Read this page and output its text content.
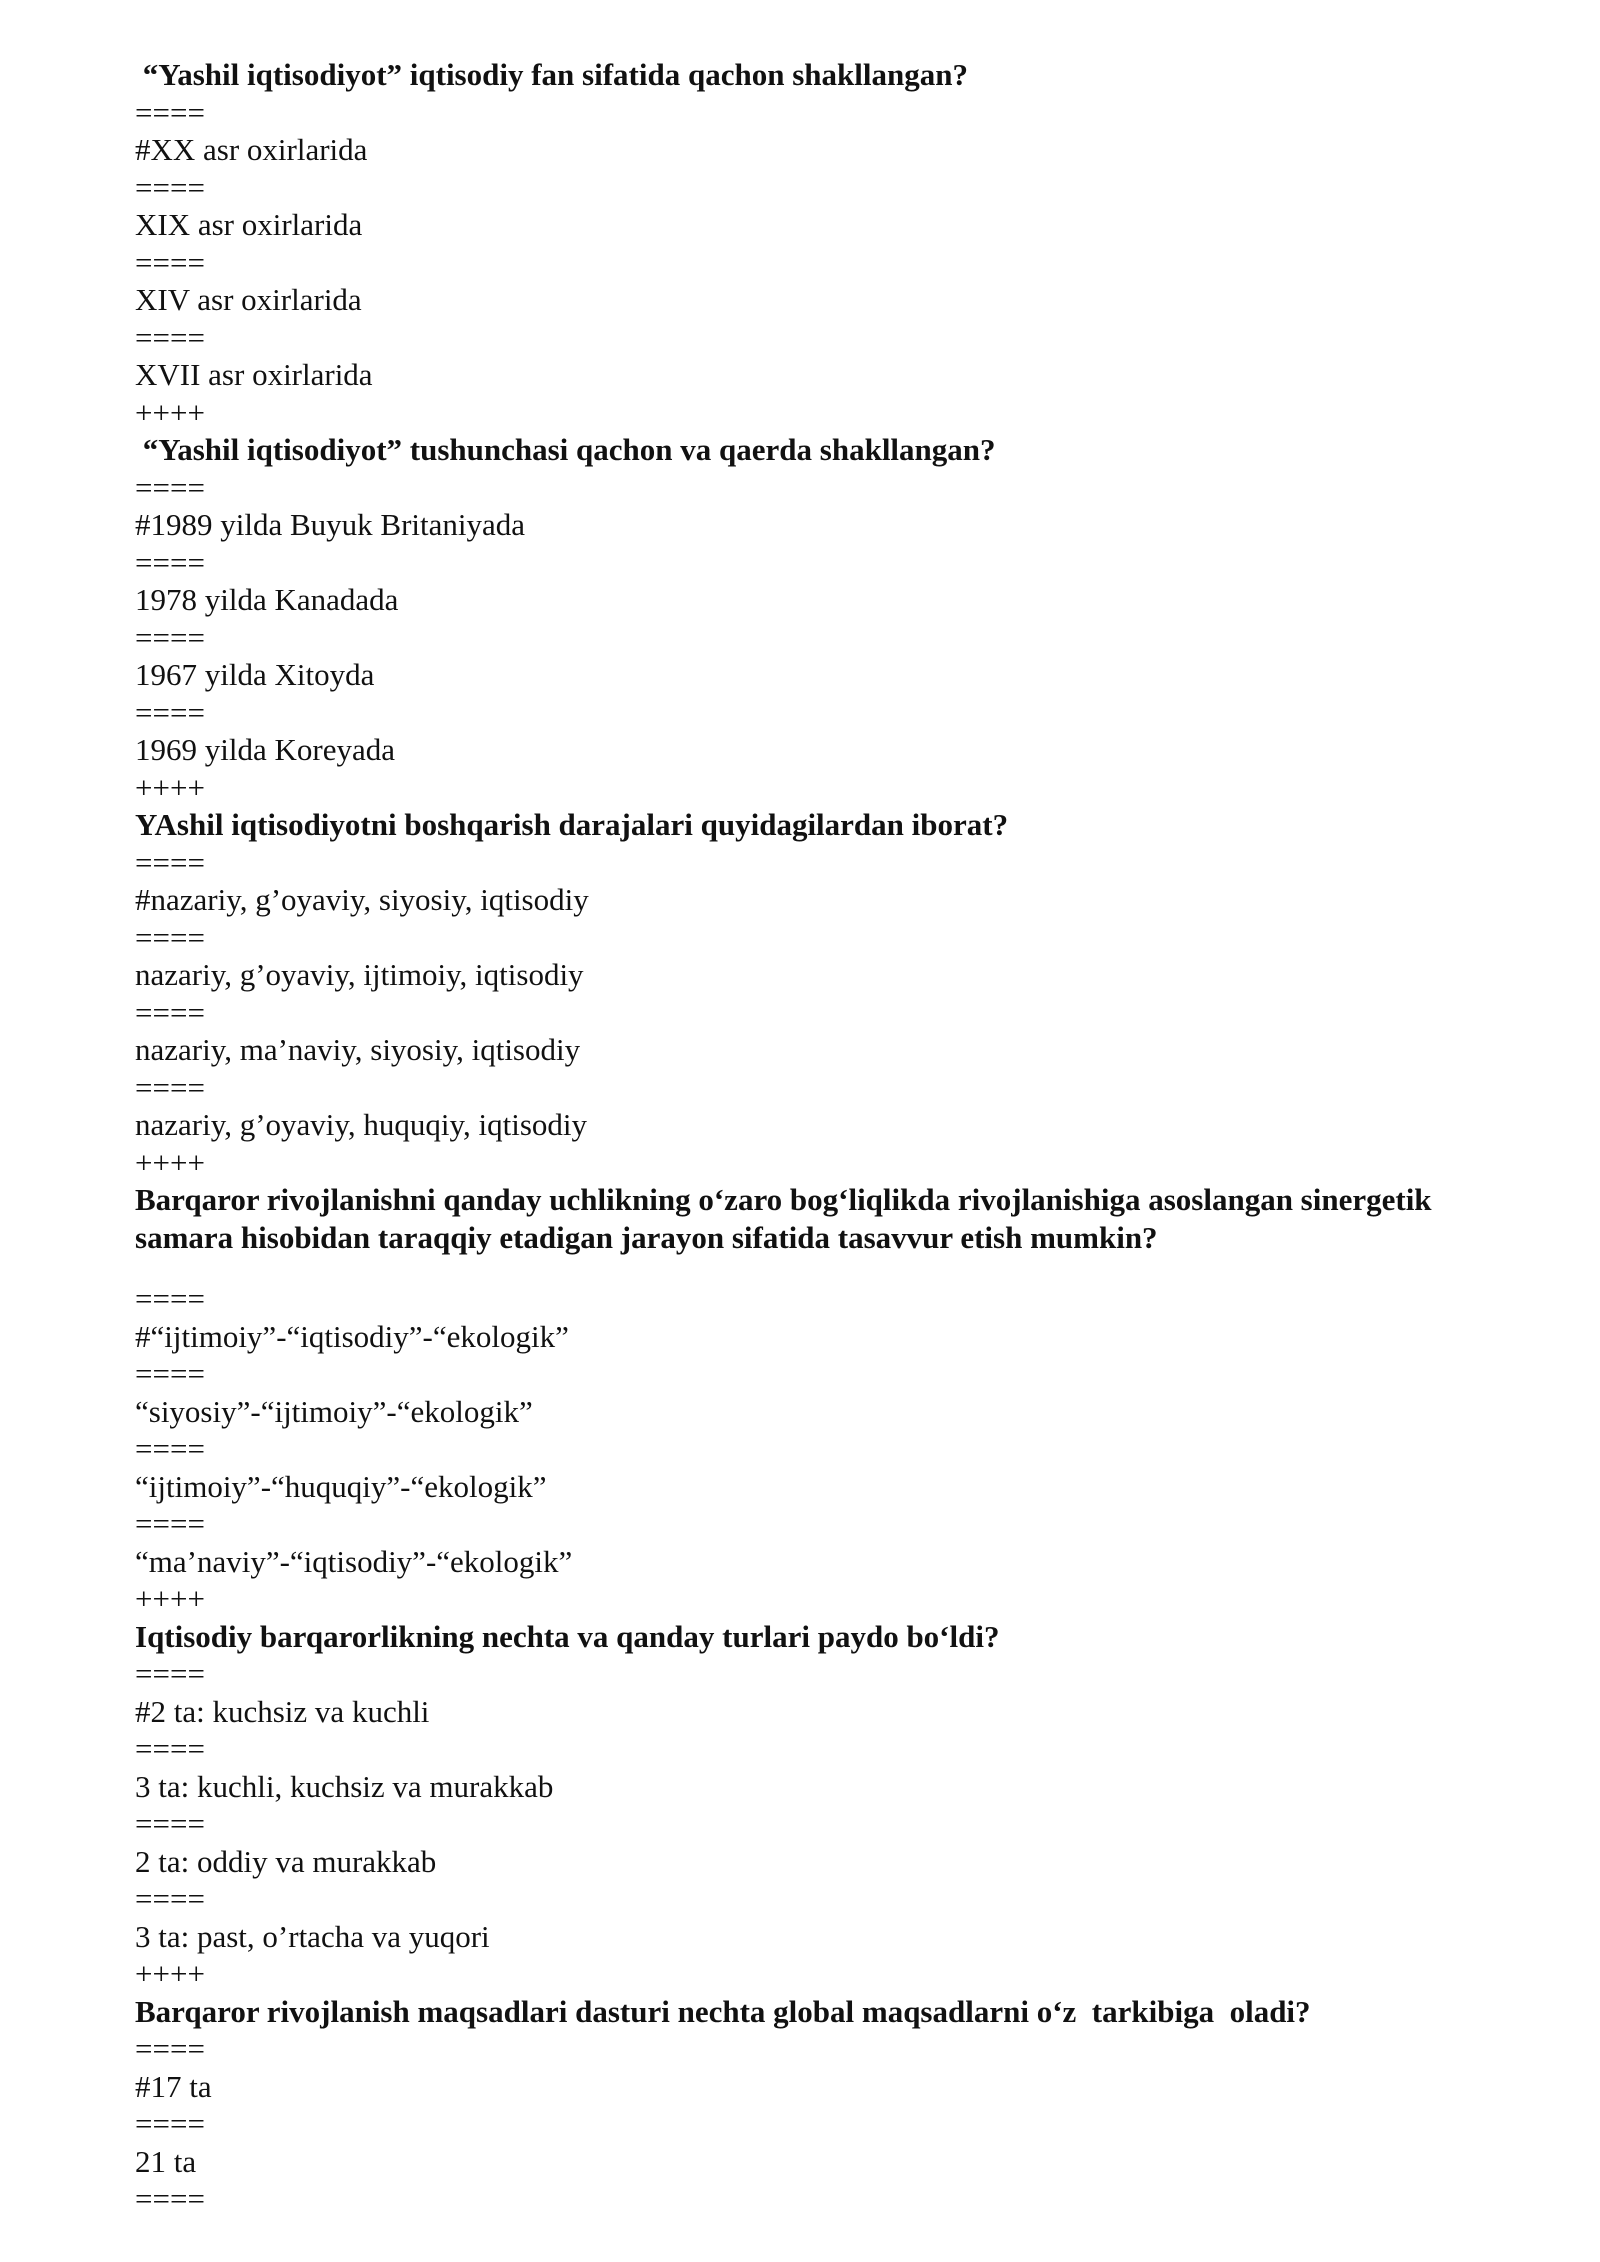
“Yashil iqtisodiyot” iqtisodiy fan sifatida qachon shakllangan?
====
#XX asr oxirlarida
====
XIX asr oxirlarida
====
XIV asr oxirlarida
====
XVII asr oxirlarida
++++
“Yashil iqtisodiyot” tushunchasi qachon va qaerda shakllangan?
====
#1989 yilda Buyuk Britaniyada
====
1978 yilda Kanadada
====
1967 yilda Xitoyda
====
1969 yilda Koreyada
++++
YAshil iqtisodiyotni boshqarish darajalari quyidagilardan iborat?
====
#nazariy, g’oyaviy, siyosiy, iqtisodiy
====
nazariy, g’oyaviy, ijtimoiy, iqtisodiy
====
nazariy, ma’naviy, siyosiy, iqtisodiy
====
nazariy, g’oyaviy, huquqiy, iqtisodiy
++++
Barqaror rivojlanishni qanday uchlikning o‘zaro bog‘liqlikda rivojlanishiga asoslangan sinergetik samara hisobidan taraqqiy etadigan jarayon sifatida tasavvur etish mumkin?
====
#“ijtimoiy”-“iqtisodiy”-“ekologik”
====
“siyosiy”-“ijtimoiy”-“ekologik”
====
“ijtimoiy”-“huquqiy”-“ekologik”
====
“ma’naviy”-“iqtisodiy”-“ekologik”
++++
Iqtisodiy barqarorlikning nechta va qanday turlari paydo bo‘ldi?
====
#2 ta: kuchsiz va kuchli
====
3 ta: kuchli, kuchsiz va murakkab
====
2 ta: oddiy va murakkab
====
3 ta: past, o’rtacha va yuqori
++++
Barqaror rivojlanish maqsadlari dasturi nechta global maqsadlarni o‘z  tarkibiga  oladi?
====
#17 ta
====
21 ta
====
